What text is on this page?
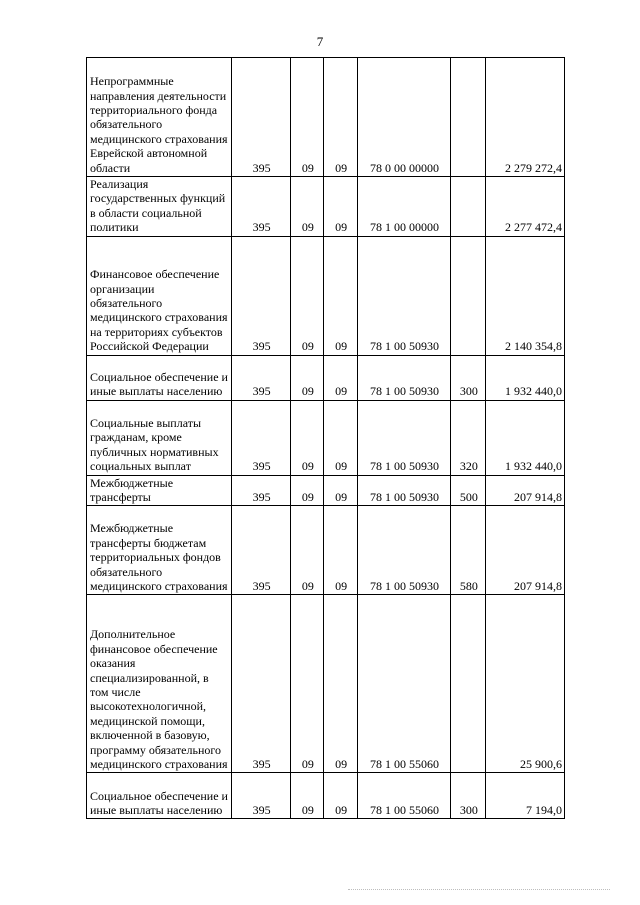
7
Непрограммные направления деятельности территориального фонда обязательного медицинского страхования Еврейской автономной области	395	09	09	78 0 00 00000		2 279 272,4

Реализация государственных функций в области социальной политики	395	09	09	78 1 00 00000		2 277 472,4

Финансовое обеспечение организации обязательного медицинского страхования на территориях субъектов Российской Федерации	395	09	09	78 1 00 50930		2 140 354,8

Социальное обеспечение и иные выплаты населению	395	09	09	78 1 00 50930	300	1 932 440,0

Социальные выплаты гражданам, кроме публичных нормативных социальных выплат	395	09	09	78 1 00 50930	320	1 932 440,0

Межбюджетные трансферты	395	09	09	78 1 00 50930	500	207 914,8

Межбюджетные трансферты бюджетам территориальных фондов обязательного медицинского страхования	395	09	09	78 1 00 50930	580	207 914,8

Дополнительное финансовое обеспечение оказания специализированной, в том числе высокотехнологичной, медицинской помощи, включенной в базовую, программу обязательного медицинского страхования	395	09	09	78 1 00 55060		25 900,6

Социальное обеспечение и иные выплаты населению	395	09	09	78 1 00 55060	300	7 194,0
